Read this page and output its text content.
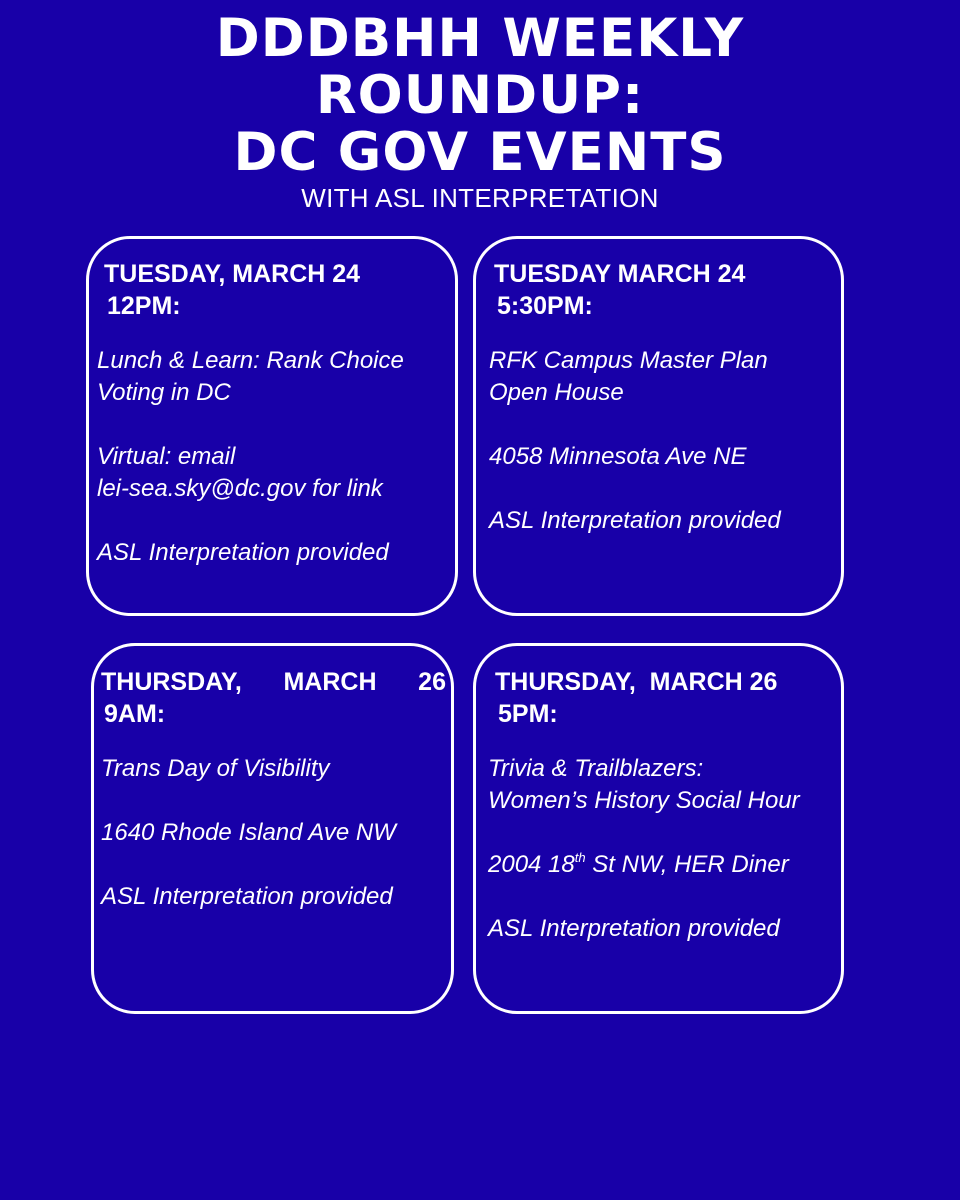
DDDBHH WEEKLY
ROUNDUP:
DC GOV EVENTS
WITH ASL INTERPRETATION
TUESDAY, MARCH 24
12PM:

Lunch & Learn: Rank Choice
Voting in DC

Virtual: email
lei-sea.sky@dc.gov for link

ASL Interpretation provided

TUESDAY MARCH 24
5:30PM:

RFK Campus Master Plan
Open House

4058 Minnesota Ave NE

ASL Interpretation provided

THURSDAY, MARCH 26
9AM:

Trans Day of Visibility

1640 Rhode Island Ave NW

ASL Interpretation provided

THURSDAY,  MARCH 26
5PM:

Trivia & Trailblazers:
Women’s History Social Hour

2004 18th St NW, HER Diner

ASL Interpretation provided
